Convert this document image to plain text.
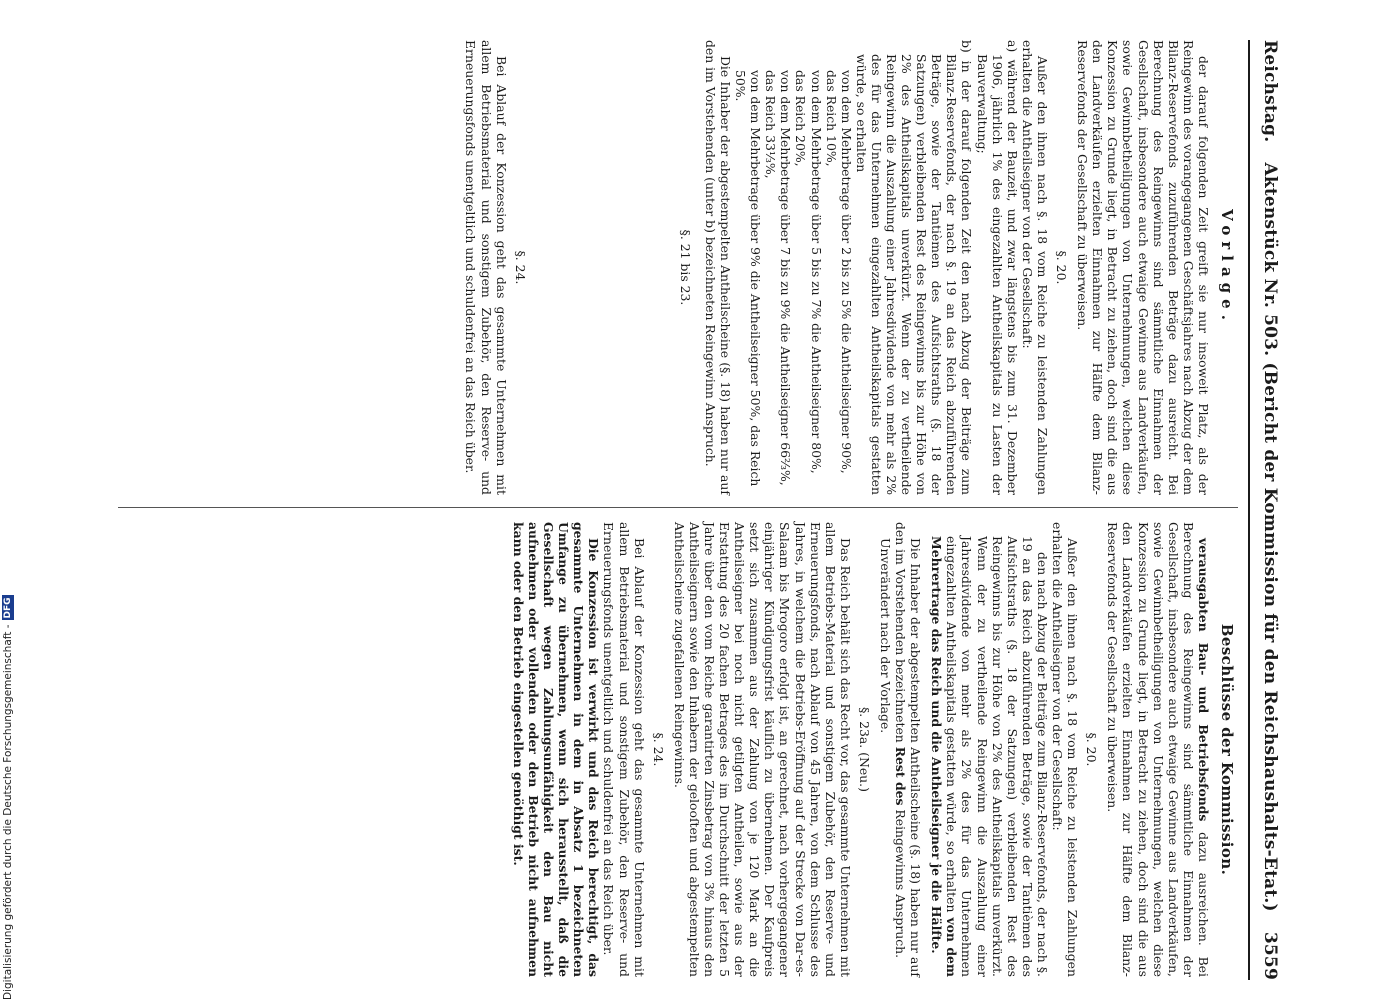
Reichstag.
Aktenstück Nr. 503. (Bericht der Kommission für den Reichshaushalts-Etat.)
3559
Vorlage.

der darauf folgenden Zeit greift sie nur insoweit Platz, als der Reingewinn des vorangegangenen Geschäftsjahres nach Abzug der dem Bilanz-Reservefonds zuzuführenden Beträge dazu ausreicht. Bei Berechnung des Reingewinns sind sämmtliche Einnahmen der Gesellschaft, insbesondere auch etwaige Gewinne aus Landverkäufen, sowie Gewinnbetheiligungen von Unternehmungen, welchen diese Konzession zu Grunde liegt, in Betracht zu ziehen, doch sind die aus den Landverkäufen erzielten Einnahmen zur Hälfte dem Bilanz-Reservefonds der Gesellschaft zu überweisen.

§. 20.

Außer den ihnen nach §. 18 vom Reiche zu leistenden Zahlungen erhalten die Antheilseigner von der Gesellschaft:

a) während der Bauzeit, und zwar längstens bis zum 31. Dezember 1906, jährlich 1% des eingezahlten Antheilskapitals zu Lasten der Bauverwaltung;

b) in der darauf folgenden Zeit den nach Abzug der Beiträge zum Bilanz-Reservefonds, der nach §. 19 an das Reich abzuführenden Beträge, sowie der Tantièmen des Aufsichtsraths (§. 18 der Satzungen) verbleibenden Rest des Reingewinns bis zur Höhe von 2% des Antheilskapitals unverkürzt. Wenn der zu vertheilende Reingewinn die Auszahlung einer Jahresdividende von mehr als 2% des für das Unternehmen eingezahlten Antheilskapitals gestatten würde, so erhalten

von dem Mehrbetrage über 2 bis zu 5% die Antheilseigner 90%, das Reich 10%,

von dem Mehrbetrage über 5 bis zu 7% die Antheilseigner 80%, das Reich 20%,

von dem Mehrbetrage über 7 bis zu 9% die Antheilseigner 66⅔%, das Reich 33⅓%,

von dem Mehrbetrage über 9% die Antheilseigner 50%, das Reich 50%.

Die Inhaber der abgestempelten Antheilscheine (§. 18) haben nur auf den im Vorstehenden (unter b) bezeichneten Reingewinn Anspruch.

§. 21 bis 23.
§. 24.

Bei Ablauf der Konzession geht das gesammte Unternehmen mit allem Betriebsmaterial und sonstigem Zubehör, den Reserve- und Erneuerungsfonds unentgeltlich und schuldenfrei an das Reich über.

Beschlüsse der Kommission.

verausgabten Bau- und Betriebsfonds dazu ausreichen. Bei Berechnung des Reingewinns sind sämmtliche Einnahmen der Gesellschaft, insbesondere auch etwaige Gewinne aus Landverkäufen, sowie Gewinnbetheiligungen von Unternehmungen, welchen diese Konzession zu Grunde liegt, in Betracht zu ziehen, doch sind die aus den Landverkäufen erzielten Einnahmen zur Hälfte dem Bilanz-Reservefonds der Gesellschaft zu überweisen.

§. 20.

Außer den ihnen nach §. 18 vom Reiche zu leistenden Zahlungen erhalten die Antheilseigner von der Gesellschaft:

den nach Abzug der Beiträge zum Bilanz-Reservefonds, der nach §. 19 an das Reich abzuführenden Beträge, sowie der Tantièmen des Aufsichtsraths (§. 18 der Satzungen) verbleibenden Rest des Reingewinns bis zur Höhe von 2% des Antheilskapitals unverkürzt. Wenn der zu vertheilende Reingewinn die Auszahlung einer Jahresdividende von mehr als 2% des für das Unternehmen eingezahlten Antheilskapitals gestatten würde, so erhalten von dem Mehrertrage das Reich und die Antheilseigner je die Hälfte.

Die Inhaber der abgestempelten Antheilscheine (§. 18) haben nur auf den im Vorstehenden bezeichneten Rest des Reingewinns Anspruch.

Unverändert nach der Vorlage.

§. 23a. (Neu.)

Das Reich behält sich das Recht vor, das gesammte Unternehmen mit allem Betriebs-Material und sonstigem Zubehör, den Reserve- und Erneuerungsfonds, nach Ablauf von 45 Jahren, von dem Schlusse des Jahres, in welchem die Betriebs-Eröffnung auf der Strecke von Dar-es-Salaam bis Mrogoro erfolgt ist, an gerechnet, nach vorhergegangener einjähriger Kündigungsfrist käuflich zu übernehmen. Der Kaufpreis setzt sich zusammen aus der Zahlung von je 120 Mark an die Antheilseigner bei noch nicht getilgten Antheilen, sowie aus der Erstattung des 20 fachen Betrages des im Durchschnitt der letzten 5 Jahre über den vom Reiche garantirten Zinsbetrag von 3% hinaus den Antheilseignern sowie den Inhabern der gelooſten und abgestempelten Antheilscheine zugefallenen Reingewinns.

§. 24.

Bei Ablauf der Konzession geht das gesammte Unternehmen mit allem Betriebsmaterial und sonstigem Zubehör, den Reserve- und Erneuerungsfonds unentgeltlich und schuldenfrei an das Reich über.

Die Konzession ist verwirkt und das Reich berechtigt, das gesammte Unternehmen in dem in Absatz 1 bezeichneten Umfange zu übernehmen, wenn sich herausstellt, daß die Gesellschaft wegen Zahlungsunfähigkeit den Bau nicht aufnehmen oder vollenden oder den Betrieb nicht aufnehmen kann oder den Betrieb eingestellen genöthigt ist.

Digitalisierung gefördert durch die Deutsche Forschungsgemeinschaft -
DFG
